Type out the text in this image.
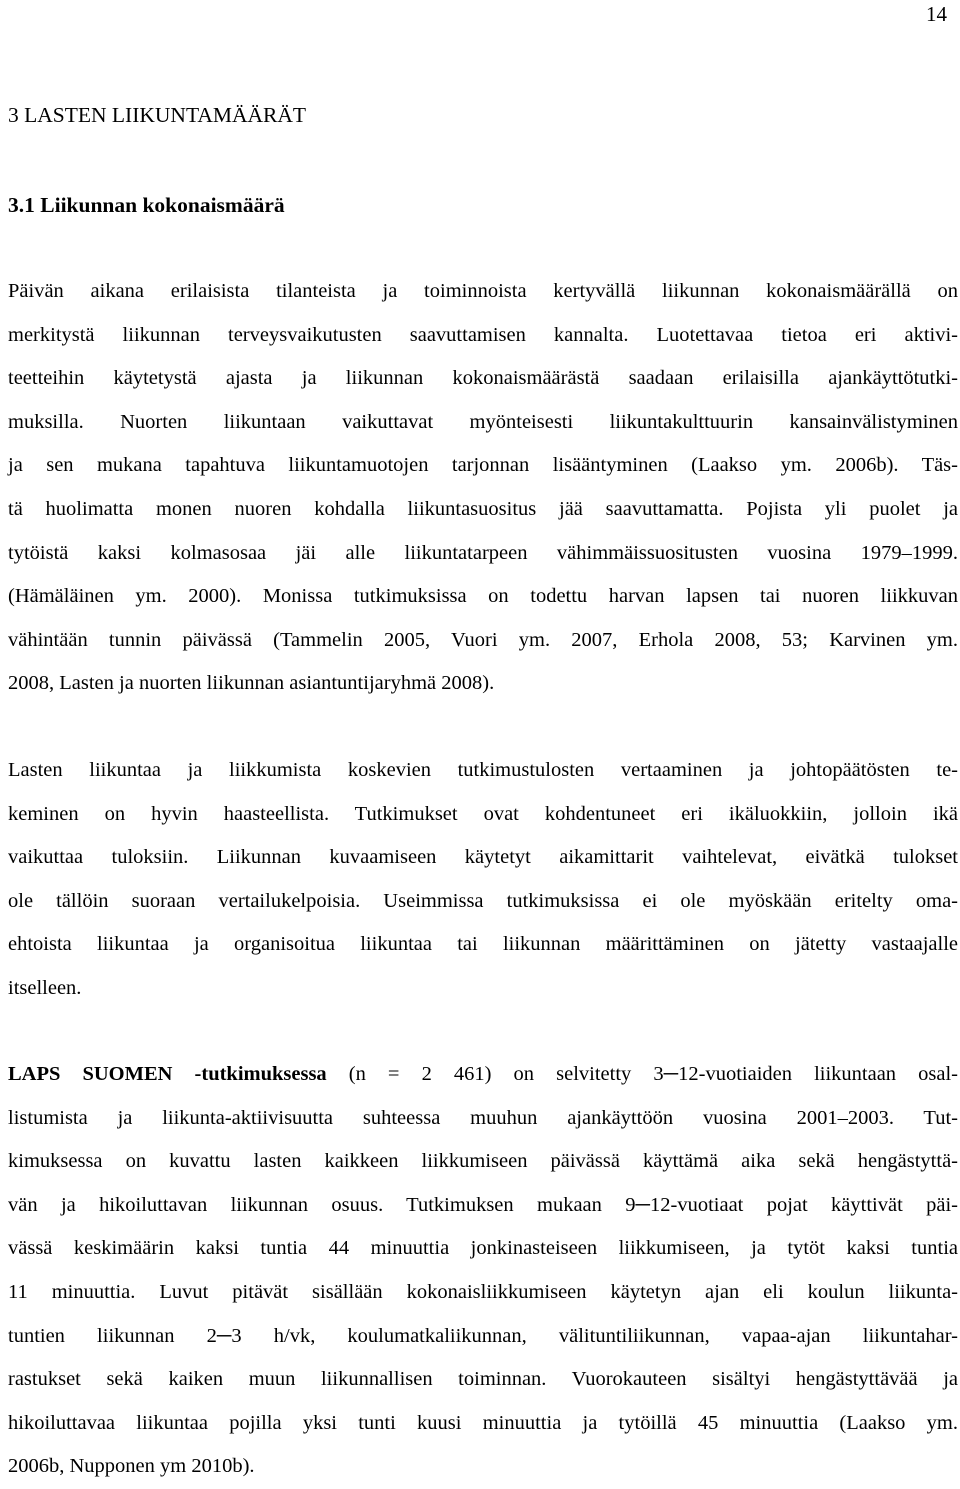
14
3 LASTEN LIIKUNTAMÄÄRÄT
3.1 Liikunnan kokonaismäärä

Päivän aikana erilaisista tilanteista ja toiminnoista kertyvällä liikunnan kokonaismäärällä on
merkitystä liikunnan terveysvaikutusten saavuttamisen kannalta. Luotettavaa tietoa eri aktivi-
teetteihin käytetystä ajasta ja liikunnan kokonaismäärästä saadaan erilaisilla ajankäyttötutki-
muksilla. Nuorten liikuntaan vaikuttavat myönteisesti liikuntakulttuurin kansainvälistyminen
ja sen mukana tapahtuva liikuntamuotojen tarjonnan lisääntyminen (Laakso ym. 2006b). Täs-
tä huolimatta monen nuoren kohdalla liikuntasuositus jää saavuttamatta. Pojista yli puolet ja
tytöistä kaksi kolmasosaa jäi alle liikuntatarpeen vähimmäissuositusten vuosina 1979–1999.
(Hämäläinen ym. 2000). Monissa tutkimuksissa on todettu harvan lapsen tai nuoren liikkuvan
vähintään tunnin päivässä (Tammelin 2005, Vuori ym. 2007, Erhola 2008, 53; Karvinen ym.
2008, Lasten ja nuorten liikunnan asiantuntijaryhmä 2008).

Lasten liikuntaa ja liikkumista koskevien tutkimustulosten vertaaminen ja johtopäätösten te-
keminen on hyvin haasteellista. Tutkimukset ovat kohdentuneet eri ikäluokkiin, jolloin ikä
vaikuttaa tuloksiin. Liikunnan kuvaamiseen käytetyt aikamittarit vaihtelevat, eivätkä tulokset
ole tällöin suoraan vertailukelpoisia. Useimmissa tutkimuksissa ei ole myöskään eritelty oma-
ehtoista liikuntaa ja organisoitua liikuntaa tai liikunnan määrittäminen on jätetty vastaajalle
itselleen.

LAPS SUOMEN -tutkimuksessa (n = 2 461) on selvitetty 3─12-vuotiaiden liikuntaan osal-
listumista ja liikunta-aktiivisuutta suhteessa muuhun ajankäyttöön vuosina 2001–2003. Tut-
kimuksessa on kuvattu lasten kaikkeen liikkumiseen päivässä käyttämä aika sekä hengästyttä-
vän ja hikoiluttavan liikunnan osuus. Tutkimuksen mukaan 9─12-vuotiaat pojat käyttivät päi-
vässä keskimäärin kaksi tuntia 44 minuuttia jonkinasteiseen liikkumiseen, ja tytöt kaksi tuntia
11 minuuttia. Luvut pitävät sisällään kokonaisliikkumiseen käytetyn ajan eli koulun liikunta-
tuntien liikunnan 2─3 h/vk, koulumatkaliikunnan, välituntiliikunnan, vapaa-ajan liikuntahar-
rastukset sekä kaiken muun liikunnallisen toiminnan. Vuorokauteen sisältyi hengästyttävää ja
hikoiluttavaa liikuntaa pojilla yksi tunti kuusi minuuttia ja tytöillä 45 minuuttia (Laakso ym.
2006b, Nupponen ym 2010b).
